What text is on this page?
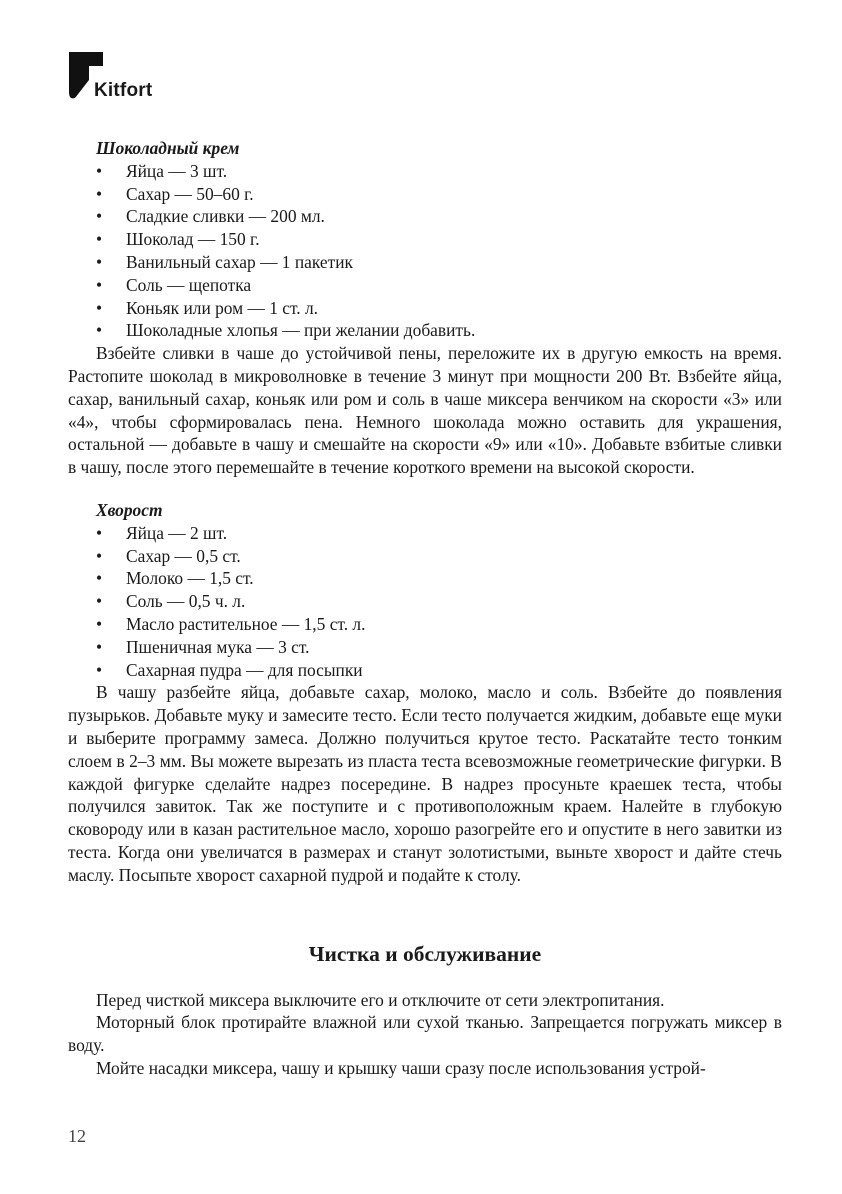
Kitfort
Шоколадный крем
• Яйца — 3 шт.
• Сахар — 50–60 г.
• Сладкие сливки — 200 мл.
• Шоколад — 150 г.
• Ванильный сахар — 1 пакетик
• Соль — щепотка
• Коньяк или ром — 1 ст. л.
• Шоколадные хлопья — при желании добавить.

Взбейте сливки в чаше до устойчивой пены, переложите их в другую емкость на время. Растопите шоколад в микроволновке в течение 3 минут при мощности 200 Вт. Взбейте яйца, сахар, ванильный сахар, коньяк или ром и соль в чаше миксера венчиком на скорости «3» или «4», чтобы сформировалась пена. Немного шоколада можно оставить для украшения, остальной — добавьте в чашу и смешайте на скорости «9» или «10». Добавьте взбитые сливки в чашу, после этого перемешайте в течение короткого времени на высокой скорости.

Хворост
• Яйца — 2 шт.
• Сахар — 0,5 ст.
• Молоко — 1,5 ст.
• Соль — 0,5 ч. л.
• Масло растительное — 1,5 ст. л.
• Пшеничная мука — 3 ст.
• Сахарная пудра — для посыпки

В чашу разбейте яйца, добавьте сахар, молоко, масло и соль. Взбейте до появления пузырьков. Добавьте муку и замесите тесто. Если тесто получается жидким, добавьте еще муки и выберите программу замеса. Должно получиться крутое тесто. Раскатайте тесто тонким слоем в 2–3 мм. Вы можете вырезать из пласта теста всевозможные геометрические фигурки. В каждой фигурке сделайте надрез посередине. В надрез просуньте краешек теста, чтобы получился завиток. Так же поступите и с противоположным краем. Налейте в глубокую сковороду или в казан растительное масло, хорошо разогрейте его и опустите в него завитки из теста. Когда они увеличатся в размерах и станут золотистыми, выньте хворост и дайте стечь маслу. Посыпьте хворост сахарной пудрой и подайте к столу.

Чистка и обслуживание

Перед чисткой миксера выключите его и отключите от сети электропитания.

Моторный блок протирайте влажной или сухой тканью. Запрещается погружать миксер в воду.

Мойте насадки миксера, чашу и крышку чаши сразу после использования устрой-

12
